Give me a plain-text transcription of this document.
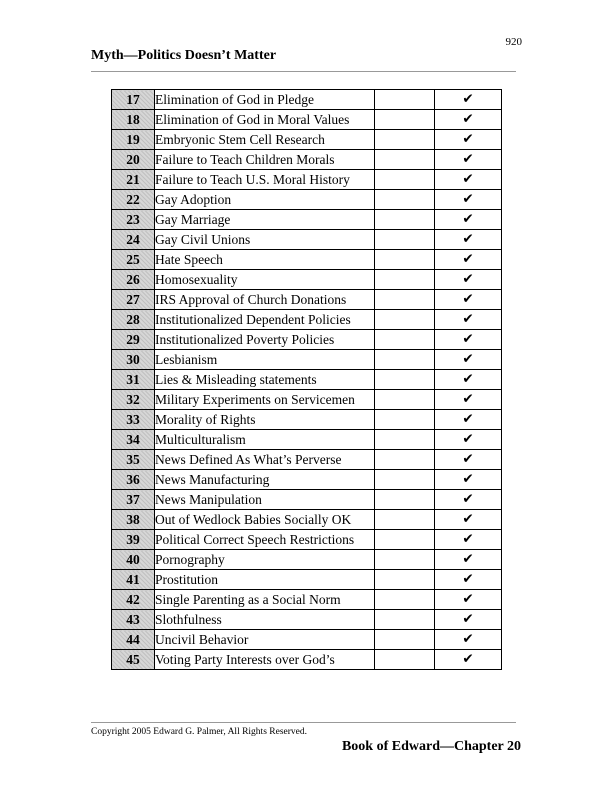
920
Myth—Politics Doesn’t Matter
17	Elimination of God in Pledge		✔
18	Elimination of God in Moral Values		✔
19	Embryonic Stem Cell Research		✔
20	Failure to Teach Children Morals		✔
21	Failure to Teach U.S. Moral History		✔
22	Gay Adoption		✔
23	Gay Marriage		✔
24	Gay Civil Unions		✔
25	Hate Speech		✔
26	Homosexuality		✔
27	IRS Approval of Church Donations		✔
28	Institutionalized Dependent Policies		✔
29	Institutionalized Poverty Policies		✔
30	Lesbianism		✔
31	Lies & Misleading statements		✔
32	Military Experiments on Servicemen		✔
33	Morality of Rights		✔
34	Multiculturalism		✔
35	News Defined As What’s Perverse		✔
36	News Manufacturing		✔
37	News Manipulation		✔
38	Out of Wedlock Babies Socially OK		✔
39	Political Correct Speech Restrictions		✔
40	Pornography		✔
41	Prostitution		✔
42	Single Parenting as a Social Norm		✔
43	Slothfulness		✔
44	Uncivil Behavior		✔
45	Voting Party Interests over God’s		✔
Copyright 2005 Edward G. Palmer, All Rights Reserved.
Book of Edward—Chapter 20
